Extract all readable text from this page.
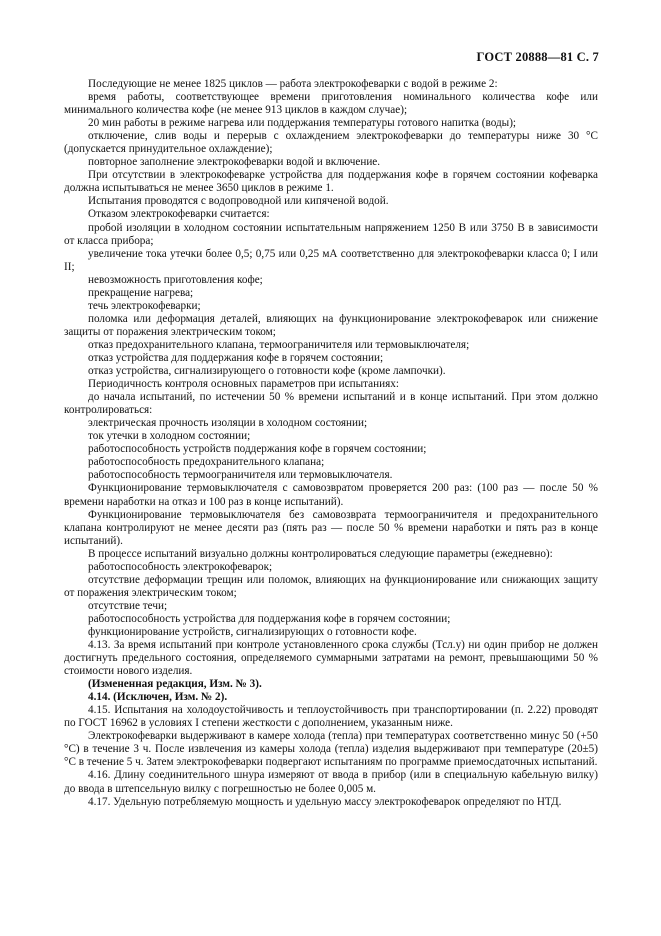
ГОСТ 20888—81 С. 7

Последующие не менее 1825 циклов — работа электрокофеварки с водой в режиме 2:

время работы, соответствующее времени приготовления номинального количества кофе или минимального количества кофе (не менее 913 циклов в каждом случае);

20 мин работы в режиме нагрева или поддержания температуры готового напитка (воды);

отключение, слив воды и перерыв с охлаждением электрокофеварки до температуры ниже 30 °С (допускается принудительное охлаждение);

повторное заполнение электрокофеварки водой и включение.

При отсутствии в электрокофеварке устройства для поддержания кофе в горячем состоянии кофеварка должна испытываться не менее 3650 циклов в режиме 1.

Испытания проводятся с водопроводной или кипяченой водой.

Отказом электрокофеварки считается:

пробой изоляции в холодном состоянии испытательным напряжением 1250 В или 3750 В в зависимости от класса прибора;

увеличение тока утечки более 0,5; 0,75 или 0,25 мА соответственно для электрокофеварки класса 0; I или II;

невозможность приготовления кофе;

прекращение нагрева;

течь электрокофеварки;

поломка или деформация деталей, влияющих на функционирование электрокофеварок или снижение защиты от поражения электрическим током;

отказ предохранительного клапана, термоограничителя или термовыключателя;

отказ устройства для поддержания кофе в горячем состоянии;

отказ устройства, сигнализирующего о готовности кофе (кроме лампочки).

Периодичность контроля основных параметров при испытаниях:

до начала испытаний, по истечении 50 % времени испытаний и в конце испытаний. При этом должно контролироваться:

электрическая прочность изоляции в холодном состоянии;

ток утечки в холодном состоянии;

работоспособность устройств поддержания кофе в горячем состоянии;

работоспособность предохранительного клапана;

работоспособность термоограничителя или термовыключателя.

Функционирование термовыключателя с самовозвратом проверяется 200 раз: (100 раз — после 50 % времени наработки на отказ и 100 раз в конце испытаний).

Функционирование термовыключателя без самовозврата термоограничителя и предохранительного клапана контролируют не менее десяти раз (пять раз — после 50 % времени наработки и пять раз в конце испытаний).

В процессе испытаний визуально должны контролироваться следующие параметры (ежедневно):

работоспособность электрокофеварок;

отсутствие деформации трещин или поломок, влияющих на функционирование или снижающих защиту от поражения электрическим током;

отсутствие течи;

работоспособность устройства для поддержания кофе в горячем состоянии;

функционирование устройств, сигнализирующих о готовности кофе.

4.13. За время испытаний при контроле установленного срока службы (Тсл.у) ни один прибор не должен достигнуть предельного состояния, определяемого суммарными затратами на ремонт, превышающими 50 % стоимости нового изделия.

(Измененная редакция, Изм. № 3).

4.14. (Исключен, Изм. № 2).

4.15. Испытания на холодоустойчивость и теплоустойчивость при транспортировании (п. 2.22) проводят по ГОСТ 16962 в условиях I степени жесткости с дополнением, указанным ниже.

Электрокофеварки выдерживают в камере холода (тепла) при температурах соответственно минус 50 (+50 °С) в течение 3 ч. После извлечения из камеры холода (тепла) изделия выдерживают при температуре (20±5) °С в течение 5 ч. Затем электрокофеварки подвергают испытаниям по программе приемосдаточных испытаний.

4.16. Длину соединительного шнура измеряют от ввода в прибор (или в специальную кабельную вилку) до ввода в штепсельную вилку с погрешностью не более 0,005 м.

4.17. Удельную потребляемую мощность и удельную массу электрокофеварок определяют по НТД.
